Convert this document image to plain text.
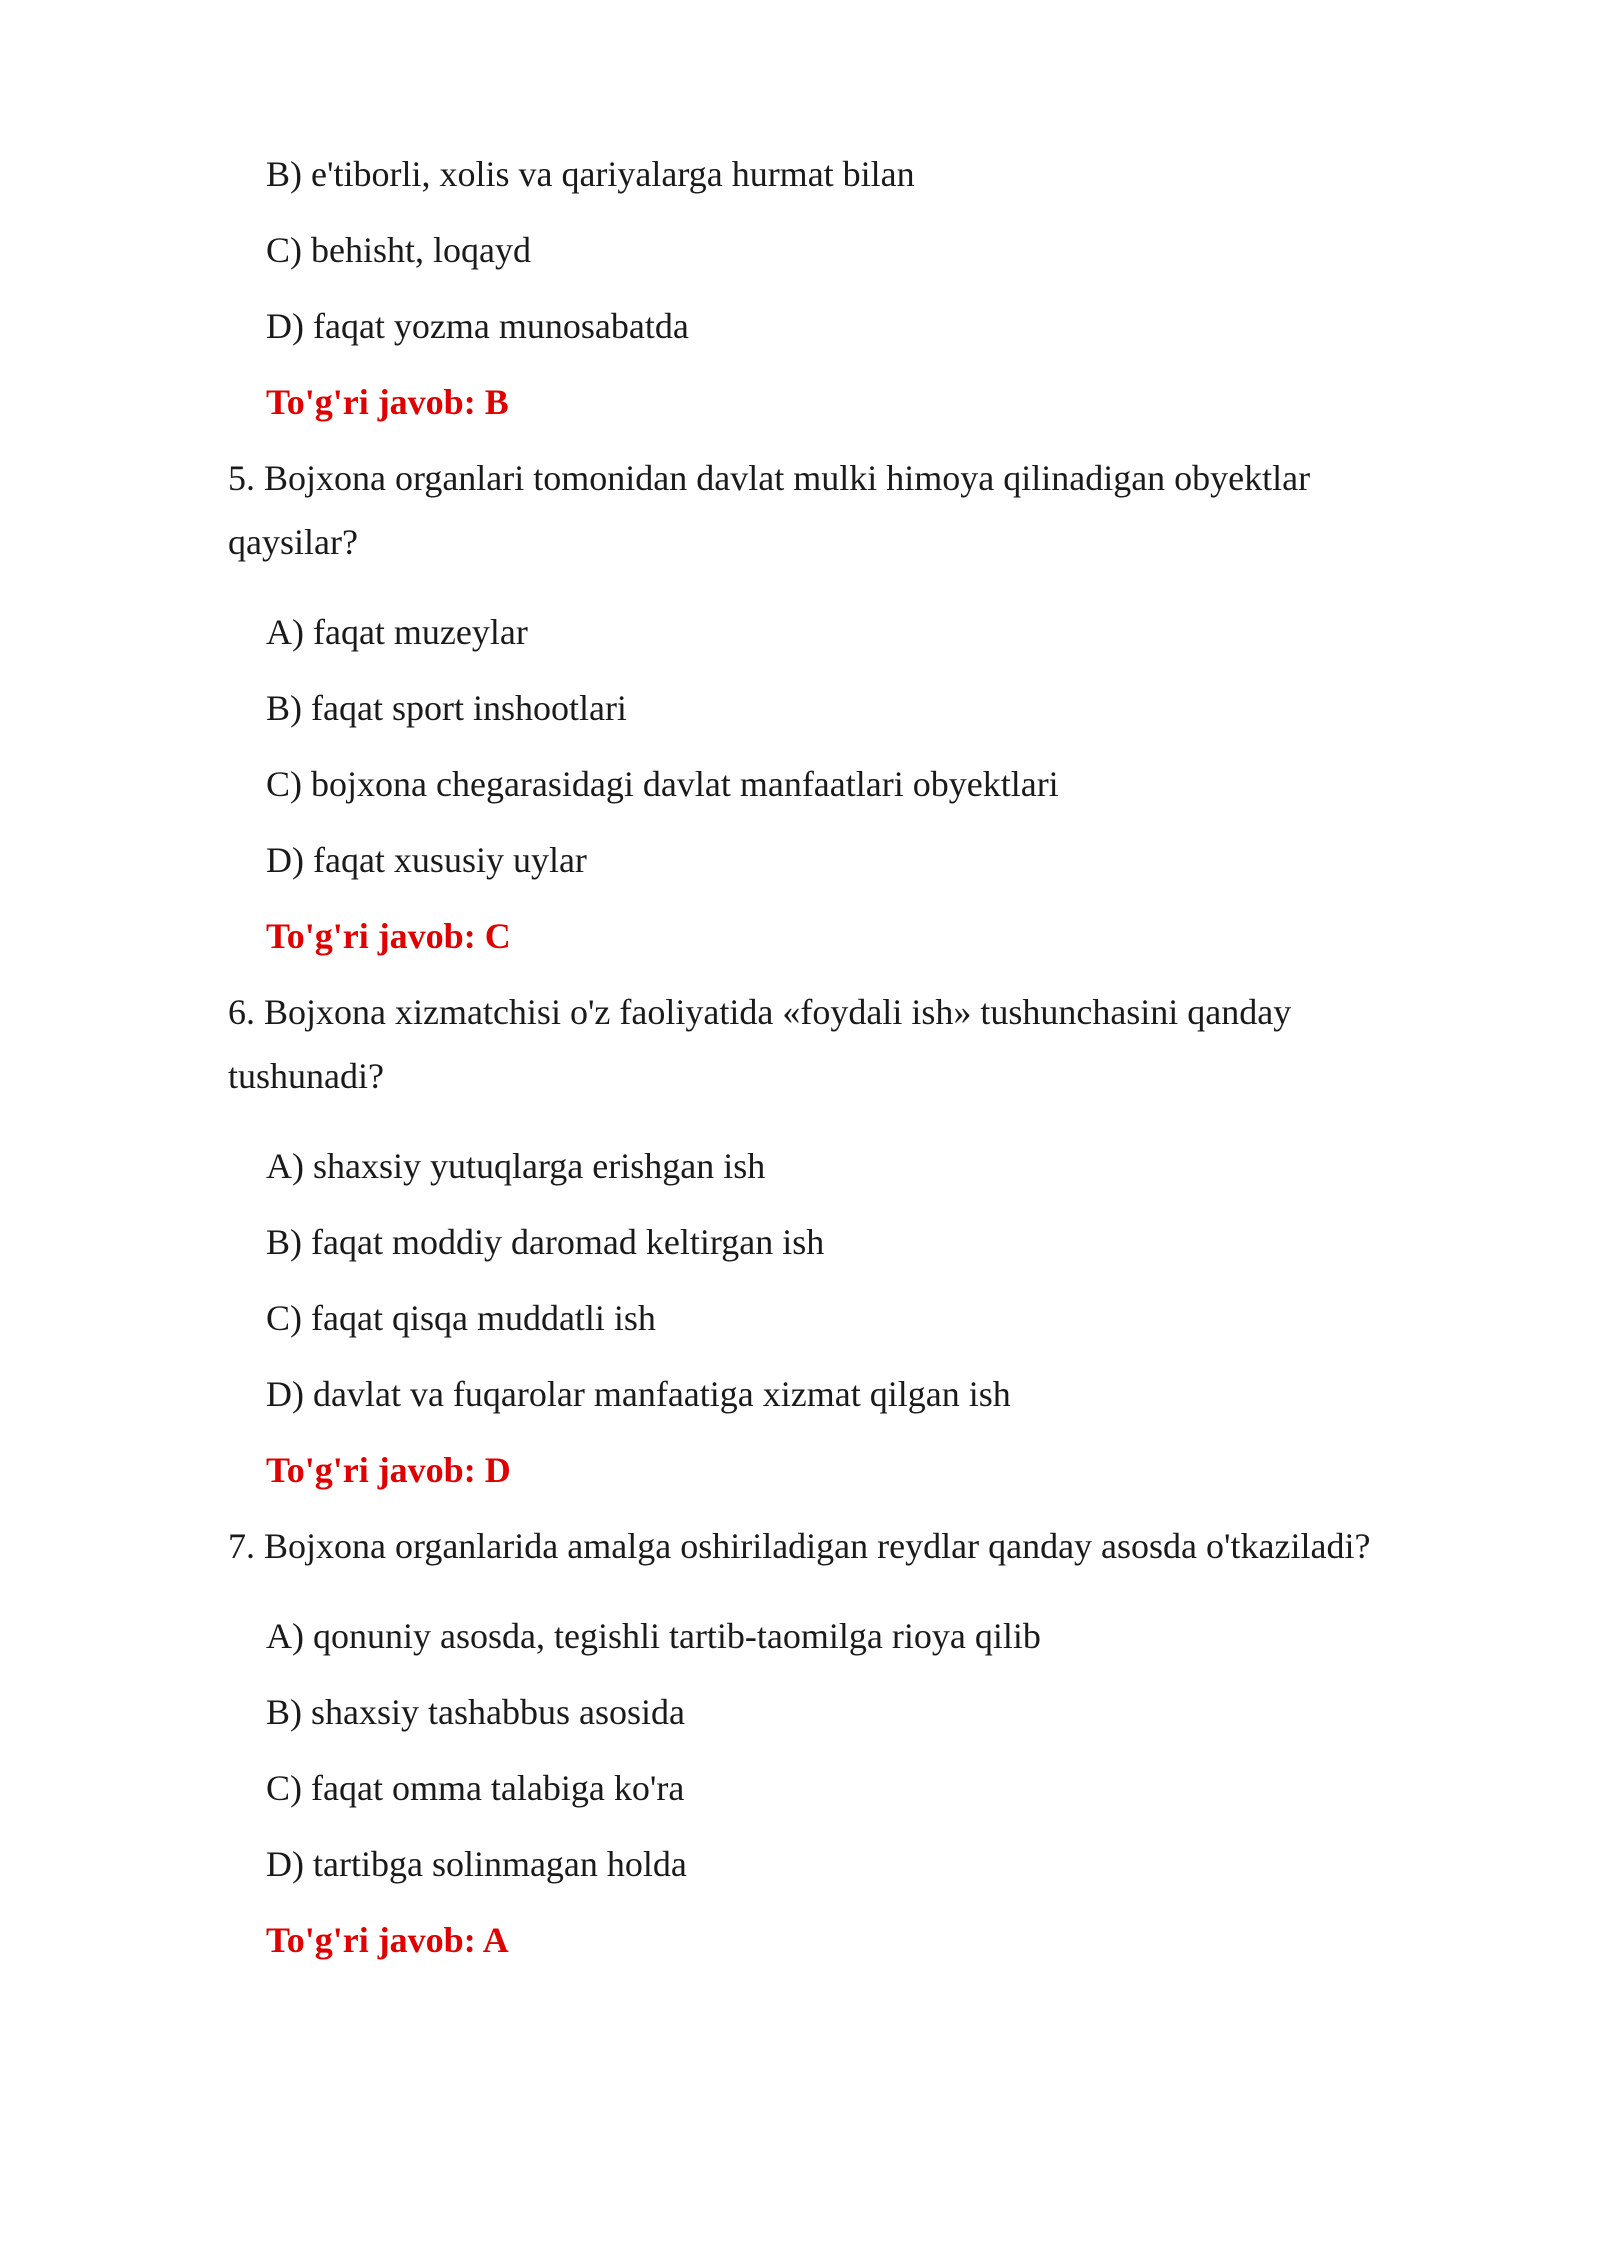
B) e'tiborli, xolis va qariyalarga hurmat bilan

C) behisht, loqayd

D) faqat yozma munosabatda

To'g'ri javob: B

5. Bojxona organlari tomonidan davlat mulki himoya qilinadigan obyektlar qaysilar?

A) faqat muzeylar

B) faqat sport inshootlari

C) bojxona chegarasidagi davlat manfaatlari obyektlari

D) faqat xususiy uylar

To'g'ri javob: C

6. Bojxona xizmatchisi o'z faoliyatida «foydali ish» tushunchasini qanday tushunadi?

A) shaxsiy yutuqlarga erishgan ish

B) faqat moddiy daromad keltirgan ish

C) faqat qisqa muddatli ish

D) davlat va fuqarolar manfaatiga xizmat qilgan ish

To'g'ri javob: D

7. Bojxona organlarida amalga oshiriladigan reydlar qanday asosda o'tkaziladi?

A) qonuniy asosda, tegishli tartib-taomilga rioya qilib

B) shaxsiy tashabbus asosida

C) faqat omma talabiga ko'ra

D) tartibga solinmagan holda

To'g'ri javob: A
